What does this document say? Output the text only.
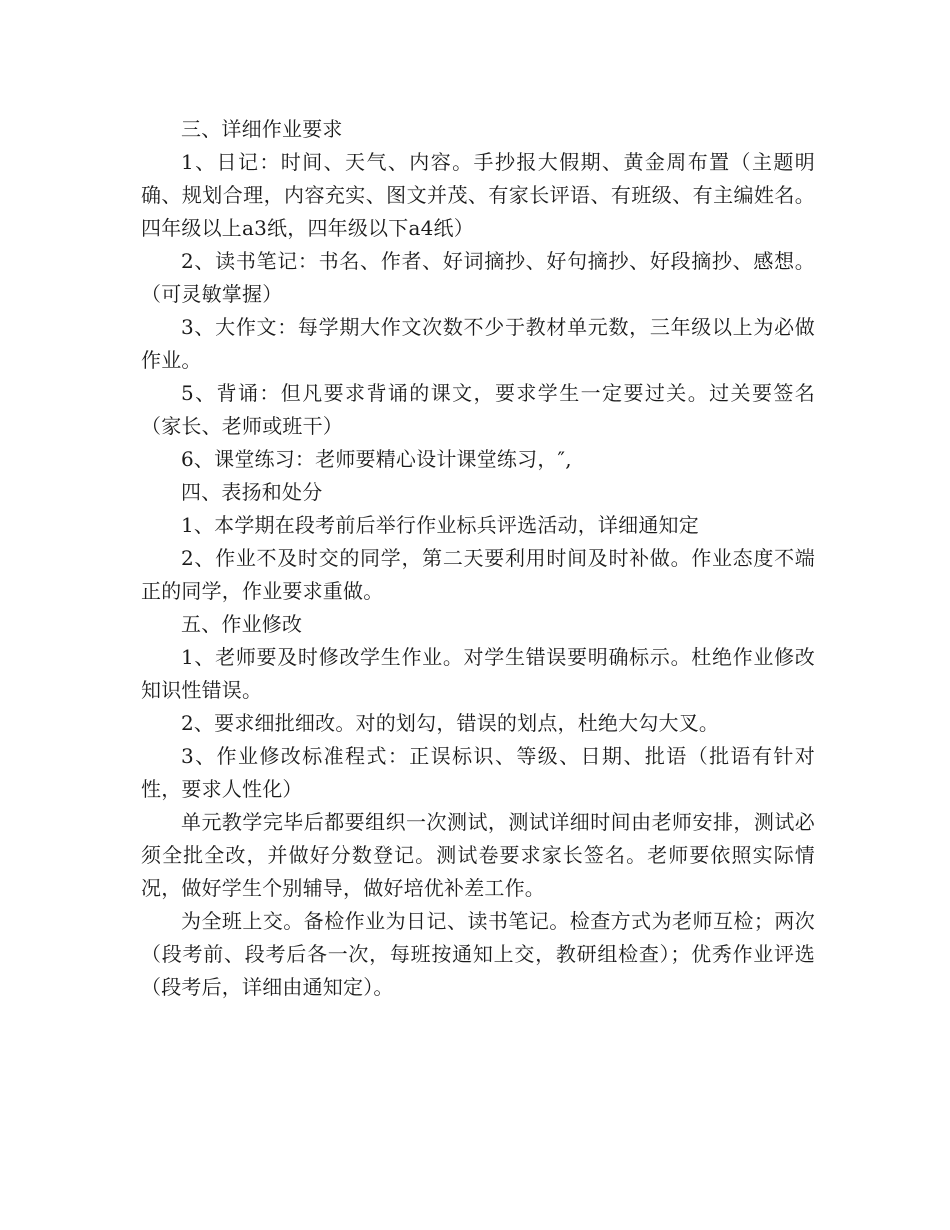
三、详细作业要求

1、日记：时间、天气、内容。手抄报大假期、黄金周布置（主题明确、规划合理，内容充实、图文并茂、有家长评语、有班级、有主编姓名。四年级以上a3纸，四年级以下a4纸）

2、读书笔记：书名、作者、好词摘抄、好句摘抄、好段摘抄、感想。（可灵敏掌握）

3、大作文：每学期大作文次数不少于教材单元数，三年级以上为必做作业。

5、背诵：但凡要求背诵的课文，要求学生一定要过关。过关要签名（家长、老师或班干）

6、课堂练习：老师要精心设计课堂练习，″,

四、表扬和处分

1、本学期在段考前后举行作业标兵评选活动，详细通知定

2、作业不及时交的同学，第二天要利用时间及时补做。作业态度不端正的同学，作业要求重做。

五、作业修改

1、老师要及时修改学生作业。对学生错误要明确标示。杜绝作业修改知识性错误。

2、要求细批细改。对的划勾，错误的划点，杜绝大勾大叉。

3、作业修改标准程式：正误标识、等级、日期、批语（批语有针对性，要求人性化）

单元教学完毕后都要组织一次测试，测试详细时间由老师安排，测试必须全批全改，并做好分数登记。测试卷要求家长签名。老师要依照实际情况，做好学生个别辅导，做好培优补差工作。

为全班上交。备检作业为日记、读书笔记。检查方式为老师互检；两次（段考前、段考后各一次，每班按通知上交，教研组检查）；优秀作业评选（段考后，详细由通知定）。
